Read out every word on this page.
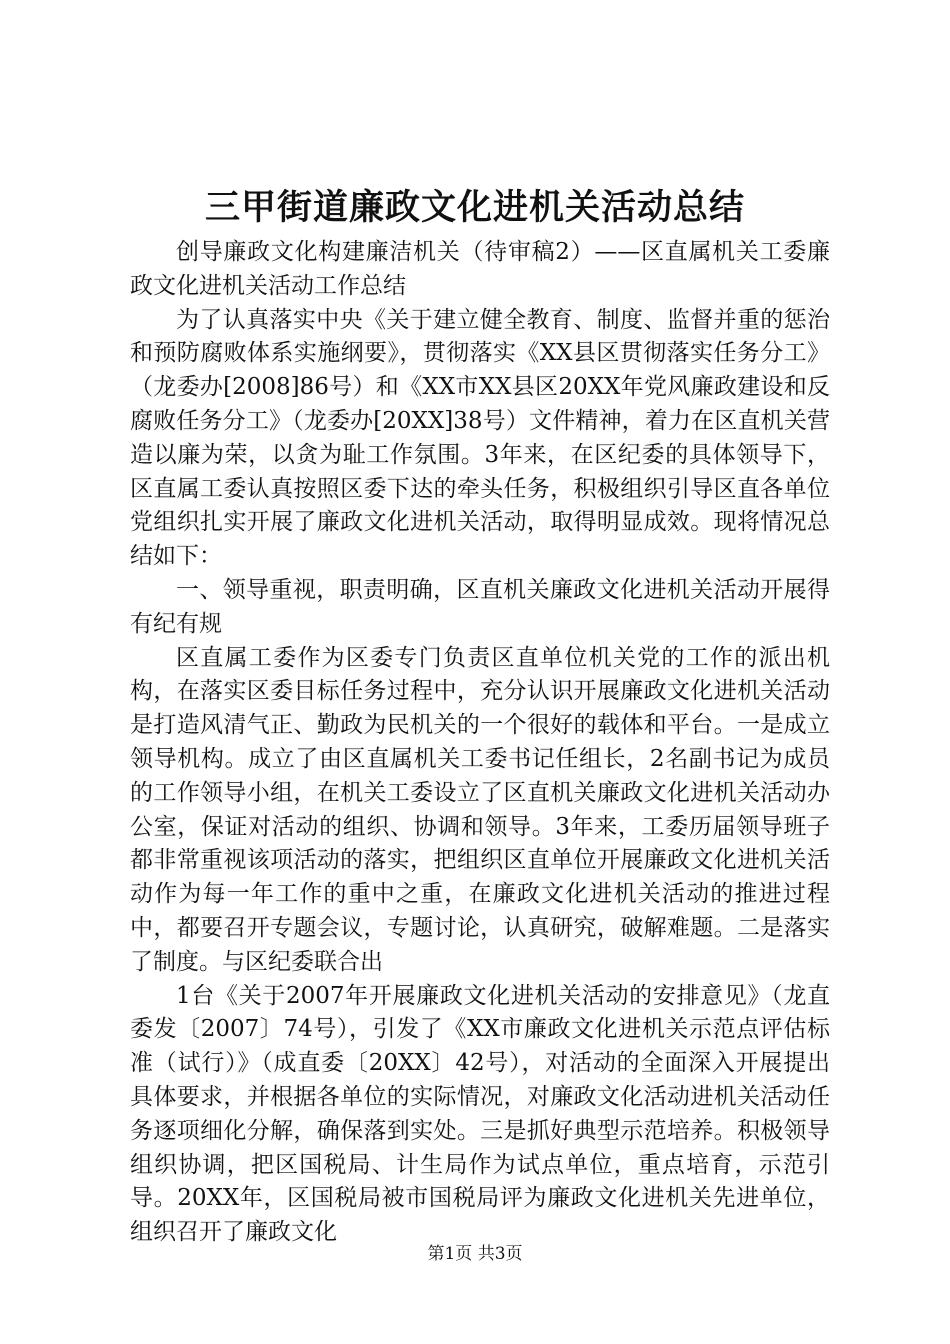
三甲街道廉政文化进机关活动总结

创导廉政文化构建廉洁机关（待审稿2）——区直属机关工委廉政文化进机关活动工作总结

为了认真落实中央《关于建立健全教育、制度、监督并重的惩治和预防腐败体系实施纲要》，贯彻落实《XX县区贯彻落实任务分工》（龙委办[2008]86号）和《XX市XX县区20XX年党风廉政建设和反腐败任务分工》（龙委办[20XX]38号）文件精神，着力在区直机关营造以廉为荣，以贪为耻工作氛围。3年来，在区纪委的具体领导下，区直属工委认真按照区委下达的牵头任务，积极组织引导区直各单位党组织扎实开展了廉政文化进机关活动，取得明显成效。现将情况总结如下：

一、领导重视，职责明确，区直机关廉政文化进机关活动开展得有纪有规

区直属工委作为区委专门负责区直单位机关党的工作的派出机构，在落实区委目标任务过程中，充分认识开展廉政文化进机关活动是打造风清气正、勤政为民机关的一个很好的载体和平台。一是成立领导机构。成立了由区直属机关工委书记任组长，2名副书记为成员的工作领导小组，在机关工委设立了区直机关廉政文化进机关活动办公室，保证对活动的组织、协调和领导。3年来，工委历届领导班子都非常重视该项活动的落实，把组织区直单位开展廉政文化进机关活动作为每一年工作的重中之重，在廉政文化进机关活动的推进过程中，都要召开专题会议，专题讨论，认真研究，破解难题。二是落实了制度。与区纪委联合出

1台《关于2007年开展廉政文化进机关活动的安排意见》（龙直委发〔2007〕74号），引发了《XX市廉政文化进机关示范点评估标准（试行）》（成直委〔20XX〕42号），对活动的全面深入开展提出具体要求，并根据各单位的实际情况，对廉政文化活动进机关活动任务逐项细化分解，确保落到实处。三是抓好典型示范培养。积极领导组织协调，把区国税局、计生局作为试点单位，重点培育，示范引导。20XX年，区国税局被市国税局评为廉政文化进机关先进单位，组织召开了廉政文化

第1页 共3页
